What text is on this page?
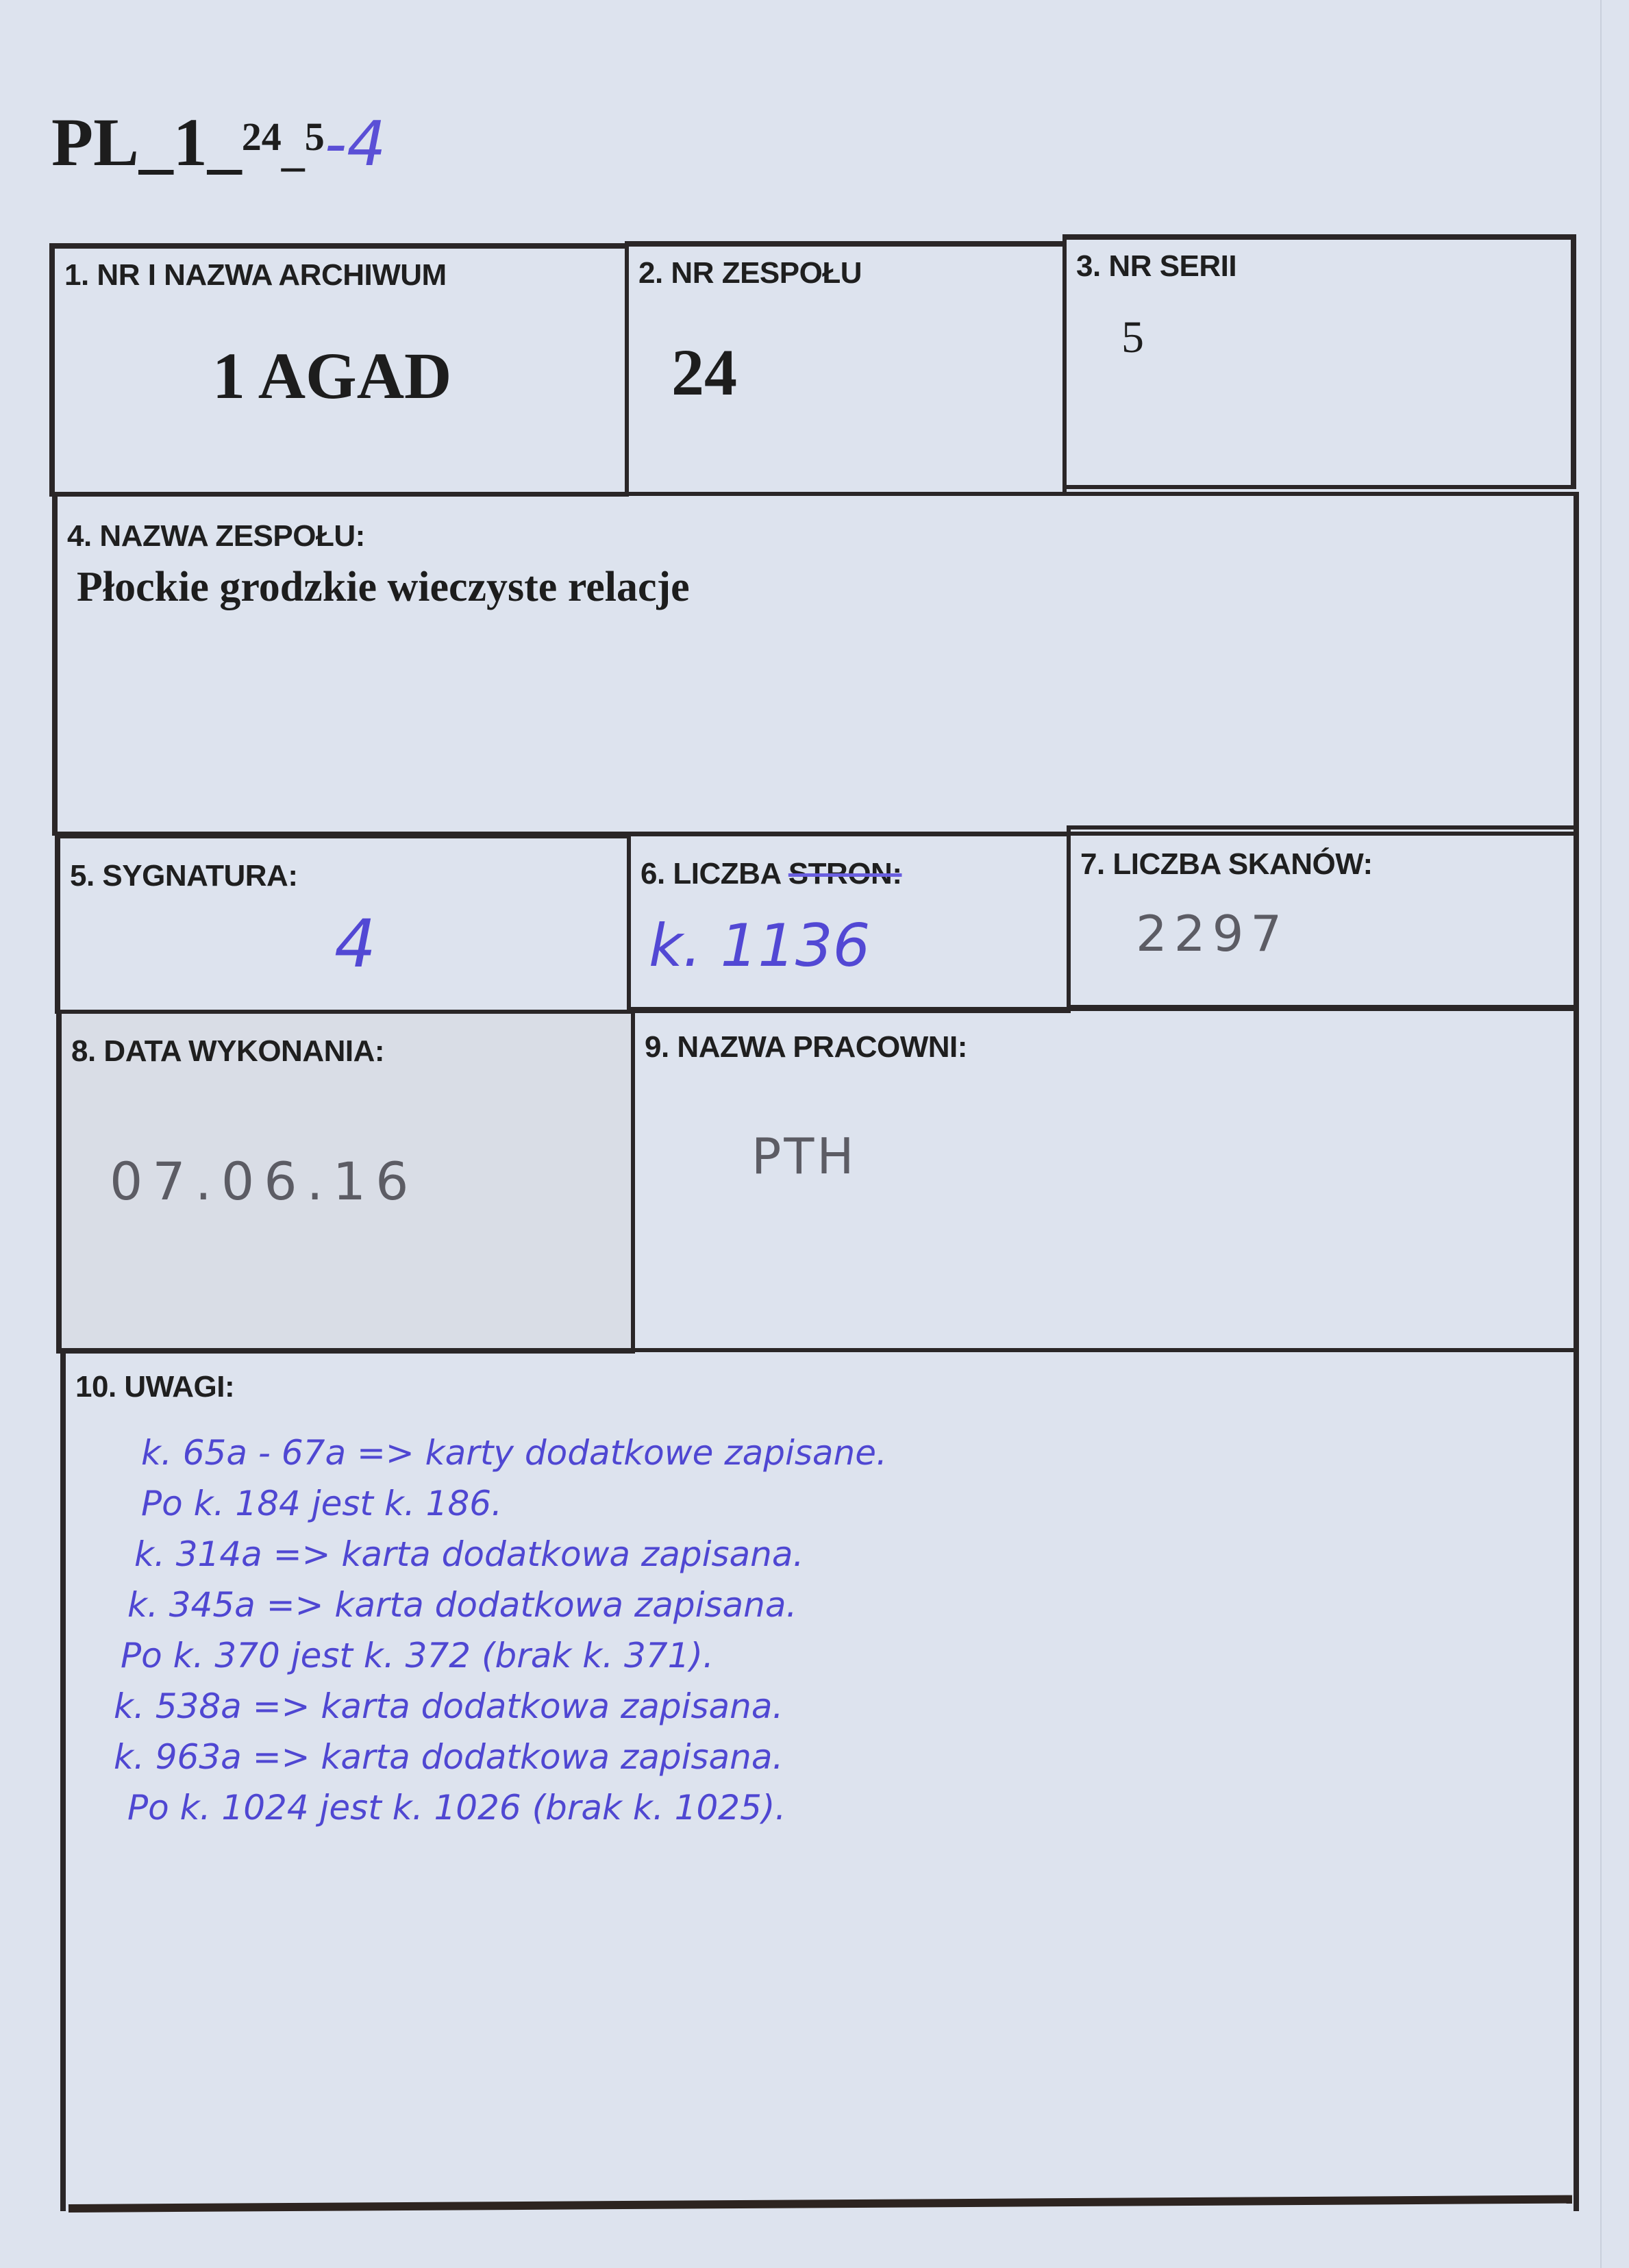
PL_1_24_5-4
1. NR I NAZWA ARCHIWUM
1 AGAD
2. NR ZESPOŁU
24
3. NR SERII
5
4. NAZWA ZESPOŁU:
Płockie grodzkie wieczyste relacje
5. SYGNATURA:
4
6. LICZBA STRON:
k. 1136
7. LICZBA SKANÓW:
2297
8. DATA WYKONANIA:
07.06.16
9. NAZWA PRACOWNI:
PTH
10. UWAGI:
k. 65a - 67a => karty dodatkowe zapisane.
Po k. 184 jest k. 186.
k. 314a => karta dodatkowa zapisana.
k. 345a => karta dodatkowa zapisana.
Po k. 370 jest k. 372 (brak k. 371).
k. 538a => karta dodatkowa zapisana.
k. 963a => karta dodatkowa zapisana.
Po k. 1024 jest k. 1026 (brak k. 1025).
